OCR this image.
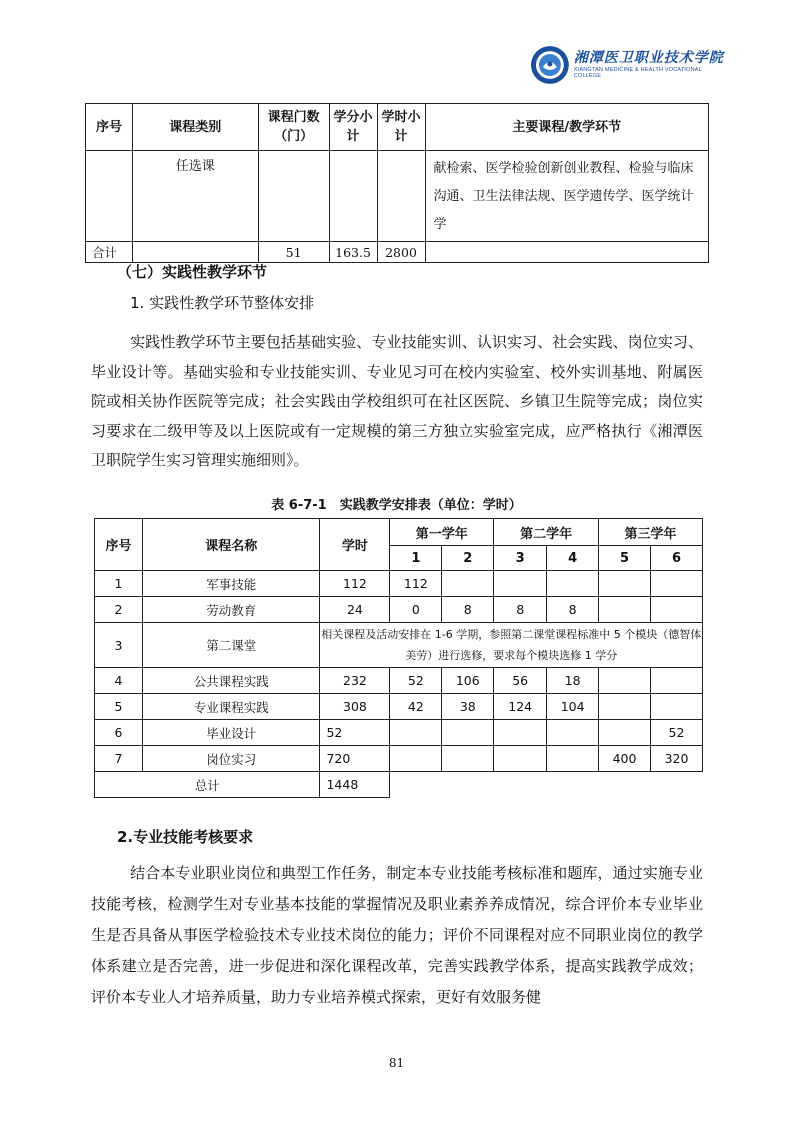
湘潭医卫职业技术学院
XIANGTAN MEDICINE & HEALTH VOCATIONAL COLLEGE
序号	课程类别	课程门数（门）	学分小计	学时小计	主要课程/教学环节
	任选课				献检索、医学检验创新创业教程、检验与临床沟通、卫生法律法规、医学遗传学、医学统计学
合计		51	163.5	2800	
（七）实践性教学环节
1. 实践性教学环节整体安排
实践性教学环节主要包括基础实验、专业技能实训、认识实习、社会实践、岗位实习、毕业设计等。基础实验和专业技能实训、专业见习可在校内实验室、校外实训基地、附属医院或相关协作医院等完成；社会实践由学校组织可在社区医院、乡镇卫生院等完成；岗位实习要求在二级甲等及以上医院或有一定规模的第三方独立实验室完成，应严格执行《湘潭医卫职院学生实习管理实施细则》。
表 6-7-1　实践教学安排表（单位：学时）
序号	课程名称	学时	第一学年		第二学年		第三学年	
			1	2	3	4	5	6
1	军事技能	112	112					
2	劳动教育	24	0	8	8	8		
3	第二课堂	相关课程及活动安排在 1-6 学期，参照第二课堂课程标准中 5 个模块（德智体美劳）进行选修，要求每个模块选修 1 学分						
4	公共课程实践	232	52	106	56	18		
5	专业课程实践	308	42	38	124	104		
6	毕业设计	52						52
7	岗位实习	720					400	320
总计		1448						
2.专业技能考核要求
结合本专业职业岗位和典型工作任务，制定本专业技能考核标准和题库，通过实施专业技能考核，检测学生对专业基本技能的掌握情况及职业素养养成情况，综合评价本专业毕业生是否具备从事医学检验技术专业技术岗位的能力；评价不同课程对应不同职业岗位的教学体系建立是否完善，进一步促进和深化课程改革，完善实践教学体系，提高实践教学成效；评价本专业人才培养质量，助力专业培养模式探索，更好有效服务健
81
